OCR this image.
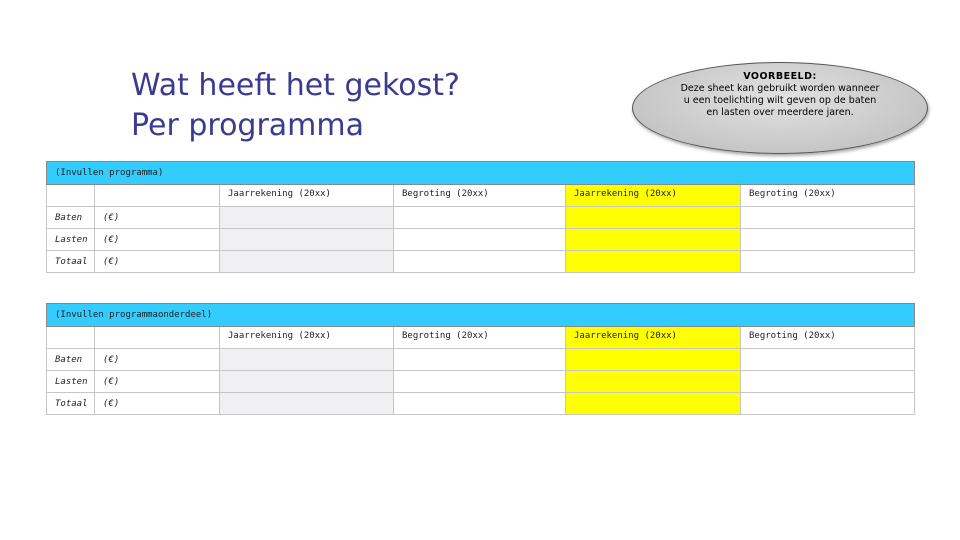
Wat heeft het gekost?
Per programma
VOORBEELD:
Deze sheet kan gebruikt worden wanneer u een toelichting wilt geven op de baten en lasten over meerdere jaren.
(Invullen programma)					
		Jaarrekening (20xx)	Begroting (20xx)	Jaarrekening (20xx)	Begroting (20xx)
Baten	(€)				
Lasten	(€)				
Totaal	(€)				
(Invullen programmaonderdeel)					
		Jaarrekening (20xx)	Begroting (20xx)	Jaarrekening (20xx)	Begroting (20xx)
Baten	(€)				
Lasten	(€)				
Totaal	(€)				
